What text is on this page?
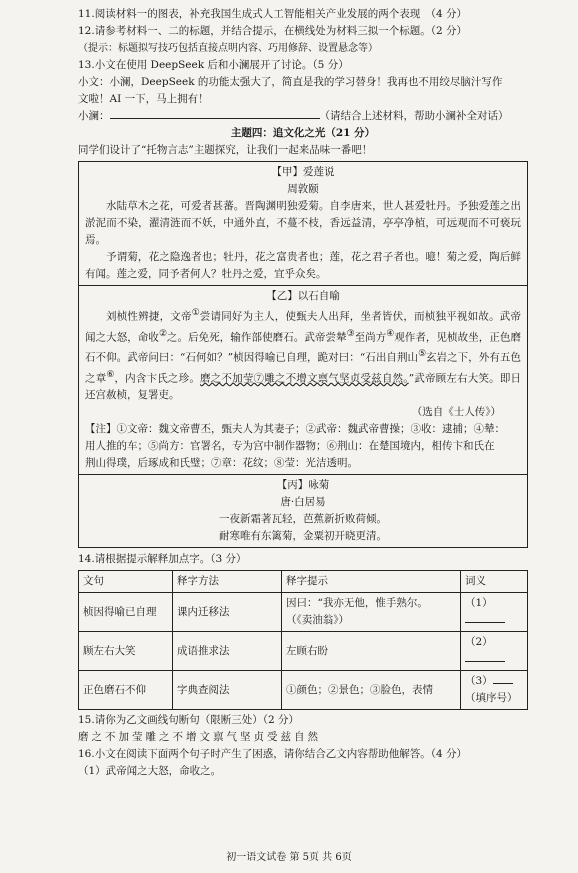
11.阅读材料一的图表，补充我国生成式人工智能相关产业发展的两个表现　（4 分）
12.请参考材料一、二的标题，并结合提示，在横线处为材料三拟一个标题。（2 分）
（提示：标题拟写技巧包括直接点明内容、巧用修辞、设置悬念等）
13.小文在使用 DeepSeek 后和小澜展开了讨论。（5 分）
小文：小澜，DeepSeek 的功能太强大了，简直是我的学习替身！我再也不用绞尽脑汁写作
文啦！AI 一下，马上拥有！
小澜：	（请结合上述材料，帮助小澜补全对话）
主题四：追文化之光（21 分）
同学们设计了“托物言志”主题探究，让我们一起来品味一番吧！
【甲】爱莲说
周敦颐
水陆草木之花，可爱者甚蕃。晋陶渊明独爱菊。自李唐来，世人甚爱牡丹。予独爱莲之出淤泥而不染，濯清涟而不妖，中通外直，不蔓不枝，香远益清，亭亭净植，可远观而不可亵玩焉。
予谓菊，花之隐逸者也；牡丹，花之富贵者也；莲，花之君子者也。噫！菊之爱，陶后鲜有闻。莲之爱，同予者何人？牡丹之爱，宜乎众矣。
【乙】以石自喻
刘桢性辨捷，文帝①尝请同好为主人，使甄夫人出拜，坐者皆伏，而桢独平视如故。武帝闻之大怒，命收②之。后免死，输作部使磨石。武帝尝辇③至尚方④观作者，见桢故坐，正色磨石不仰。武帝问曰：“石何如？”桢因得喻已自理，跪对曰：“石出自荆山⑤玄岩之下，外有五色之章⑥，内含卞氏之珍。磨之不加莹⑦雕之不增文禀气坚贞受兹自然。”武帝顾左右大笑。即日还宫赦桢，复署吏。
（选自《士人传》）
【注】①文帝：魏文帝曹丕，甄夫人为其妻子；②武帝：魏武帝曹操；③收：逮捕；④辇：
用人推的车；⑤尚方：官署名，专为宫中制作器物；⑥荆山：在楚国境内，相传卞和氏在
荆山得璞，后琢成和氏璧；⑦章：花纹；⑧莹：光洁透明。
【丙】咏菊
唐·白居易
一夜新霜著瓦轻，芭蕉新折败荷倾。
耐寒唯有东篱菊，金粟初开晓更清。
14.请根据提示解释加点字。（3 分）
文句	释字方法	释字提示	词义
桢因得喻已自理	课内迁移法	因曰：“我亦无他，惟手熟尔。
（《卖油翁》）	（1）
顾左右大笑	成语推求法	左顾右盼	（2）
正色磨石不仰	字典查阅法	①颜色；②景色；③脸色，表情	（3）（填序号）
15.请你为乙文画线句断句（限断三处）（2 分）
磨之不加莹雕之不增文禀气坚贞受兹自然
16.小文在阅读下面两个句子时产生了困惑，请你结合乙文内容帮助他解答。（4 分）
（1）武帝闻之大怒，命收之。
初一语文试卷 第 5页 共 6页
